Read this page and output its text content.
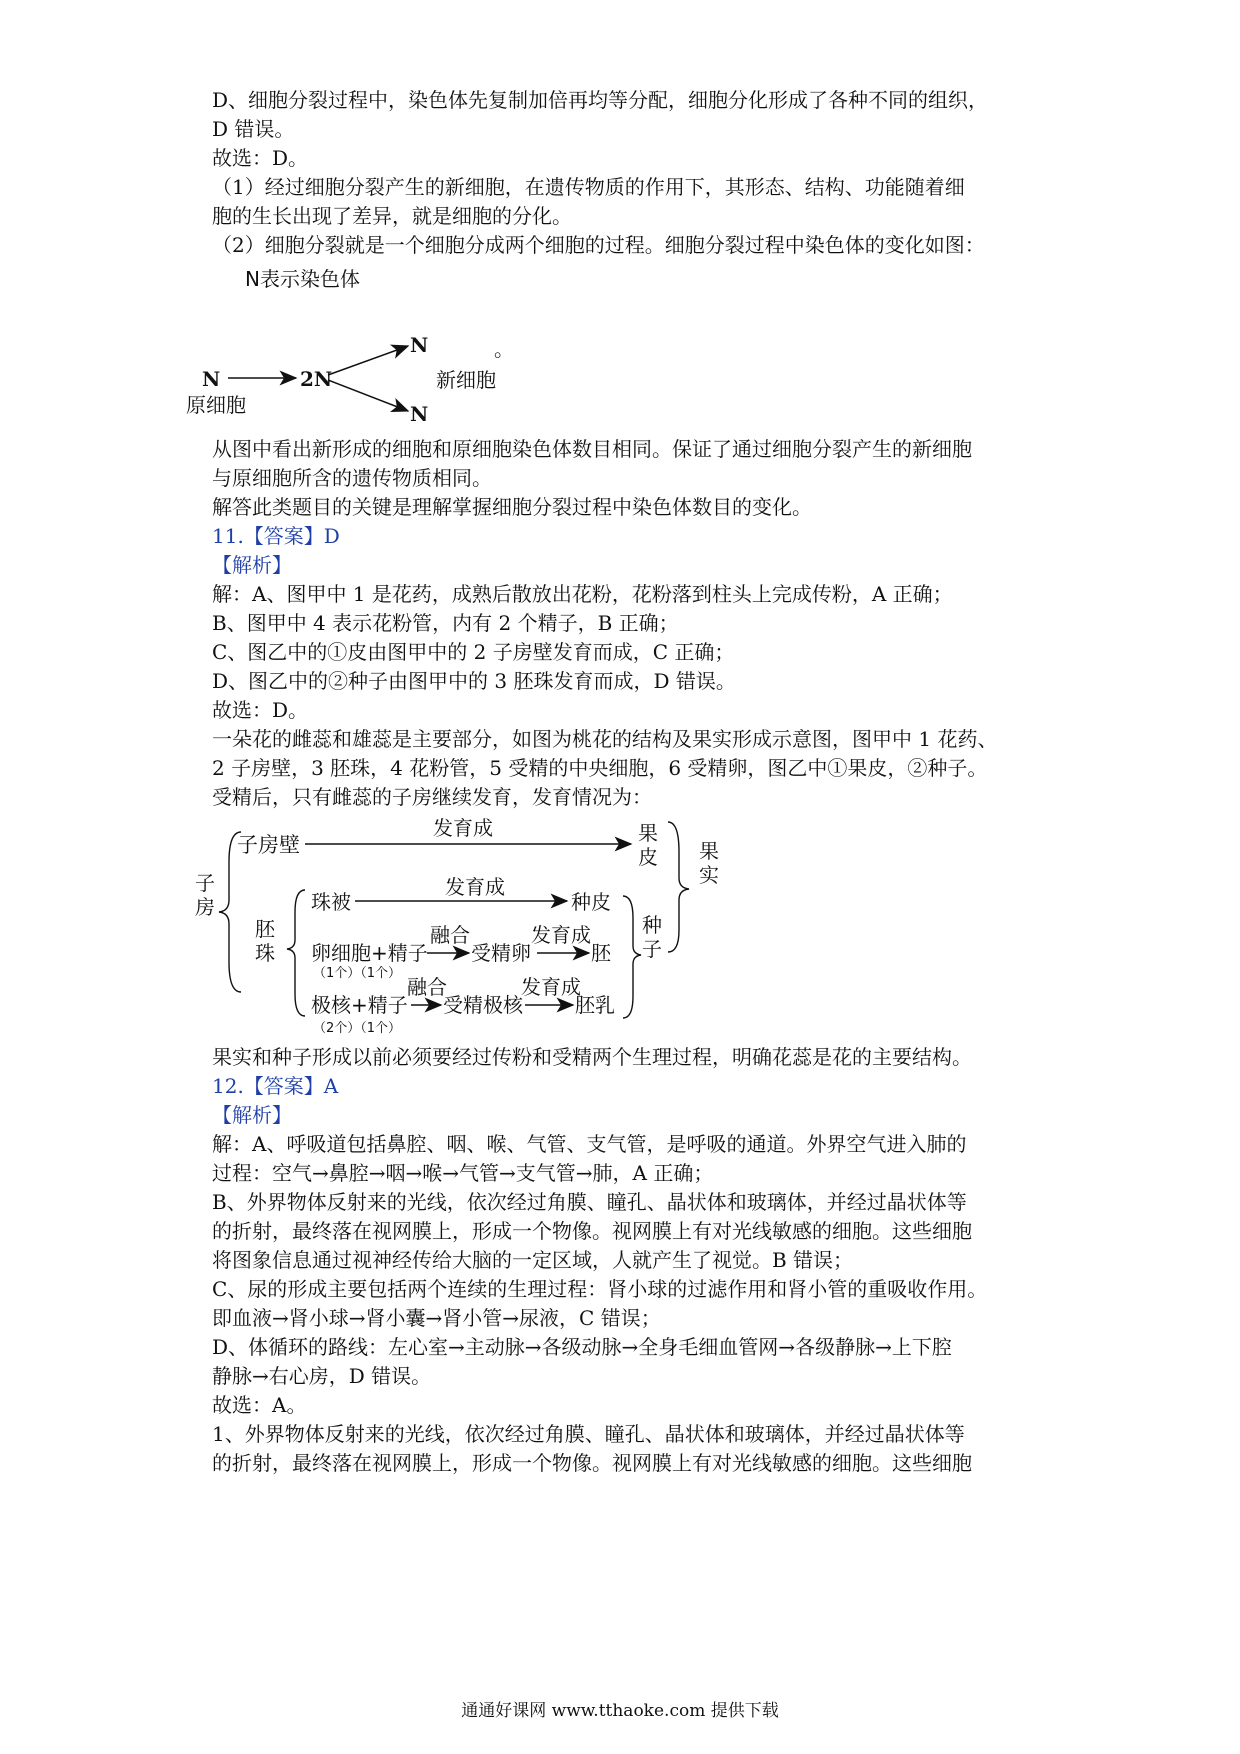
D、细胞分裂过程中，染色体先复制加倍再均等分配，细胞分化形成了各种不同的组织，
D 错误。
故选：D。
（1）经过细胞分裂产生的新细胞，在遗传物质的作用下，其形态、结构、功能随着细
胞的生长出现了差异，就是细胞的分化。
（2）细胞分裂就是一个细胞分成两个细胞的过程。细胞分裂过程中染色体的变化如图：
N表示染色体
N	2N
N
N
。
新细胞
原细胞
从图中看出新形成的细胞和原细胞染色体数目相同。保证了通过细胞分裂产生的新细胞
与原细胞所含的遗传物质相同。
解答此类题目的关键是理解掌握细胞分裂过程中染色体数目的变化。
11.【答案】D
【解析】
解：A、图甲中 1 是花药，成熟后散放出花粉，花粉落到柱头上完成传粉，A 正确；
B、图甲中 4 表示花粉管，内有 2 个精子，B 正确；
C、图乙中的①皮由图甲中的 2 子房壁发育而成，C 正确；
D、图乙中的②种子由图甲中的 3 胚珠发育而成，D 错误。
故选：D。
一朵花的雌蕊和雄蕊是主要部分，如图为桃花的结构及果实形成示意图，图甲中 1 花药、
2 子房壁，3 胚珠，4 花粉管，5 受精的中央细胞，6 受精卵，图乙中①果皮，②种子。
受精后，只有雌蕊的子房继续发育，发育情况为：
子房
子房壁
发育成	果皮 果实
胚珠
珠被
发育成
种皮
卵细胞+精子
（1个）（1个）
融合
受精卵
发育成
胚
极核+精子
（2个）（1个）
融合
受精极核
发育成
胚乳
种子
果实和种子形成以前必须要经过传粉和受精两个生理过程，明确花蕊是花的主要结构。
12.【答案】A
【解析】
解：A、呼吸道包括鼻腔、咽、喉、气管、支气管，是呼吸的通道。外界空气进入肺的
过程：空气→鼻腔→咽→喉→气管→支气管→肺，A 正确；
B、外界物体反射来的光线，依次经过角膜、瞳孔、晶状体和玻璃体，并经过晶状体等
的折射，最终落在视网膜上，形成一个物像。视网膜上有对光线敏感的细胞。这些细胞
将图象信息通过视神经传给大脑的一定区域，人就产生了视觉。B 错误；
C、尿的形成主要包括两个连续的生理过程：肾小球的过滤作用和肾小管的重吸收作用。
即血液→肾小球→肾小囊→肾小管→尿液，C 错误；
D、体循环的路线：左心室→主动脉→各级动脉→全身毛细血管网→各级静脉→上下腔
静脉→右心房，D 错误。
故选：A。
1、外界物体反射来的光线，依次经过角膜、瞳孔、晶状体和玻璃体，并经过晶状体等
的折射，最终落在视网膜上，形成一个物像。视网膜上有对光线敏感的细胞。这些细胞
通通好课网 www.tthaoke.com 提供下载
